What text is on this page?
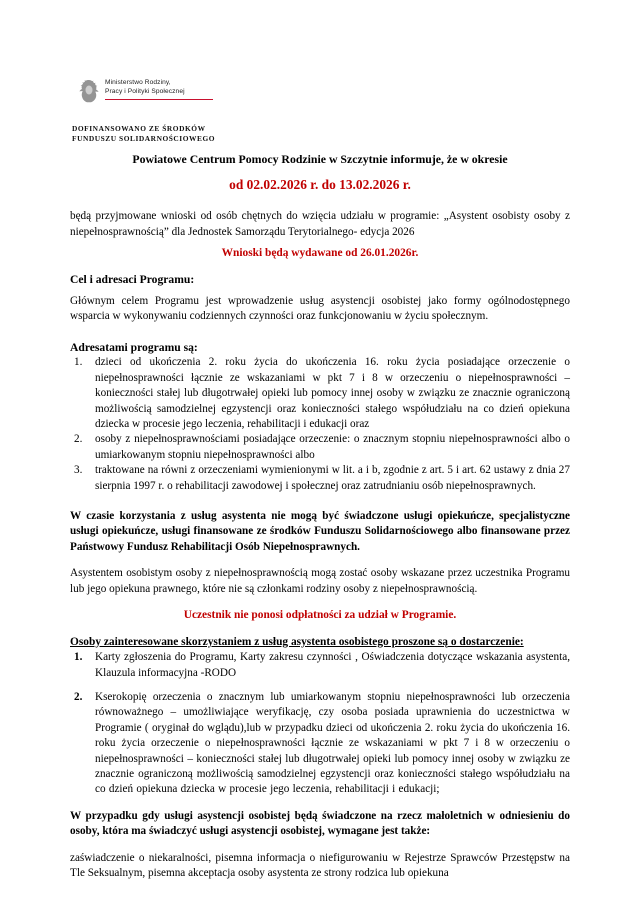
Ministerstwo Rodziny,
Pracy i Polityki Społecznej
DOFINANSOWANO ZE ŚRODKÓW
FUNDUSZU SOLIDARNOŚCIOWEGO

Powiatowe Centrum Pomocy Rodzinie w Szczytnie informuje, że w okresie

od 02.02.2026 r. do 13.02.2026 r.

będą przyjmowane wnioski od osób chętnych do wzięcia udziału w programie: „Asystent osobisty osoby z niepełnosprawnością” dla Jednostek Samorządu Terytorialnego- edycja 2026

Wnioski będą wydawane od 26.01.2026r.

Cel i adresaci Programu:

Głównym celem Programu jest wprowadzenie usług asystencji osobistej jako formy ogólnodostępnego wsparcia w wykonywaniu codziennych czynności oraz funkcjonowaniu w życiu społecznym.

Adresatami programu są:

1.	dzieci od ukończenia 2. roku życia do ukończenia 16. roku życia posiadające orzeczenie o niepełnosprawności łącznie ze wskazaniami w pkt 7 i 8 w orzeczeniu o niepełnosprawności – konieczności stałej lub długotrwałej opieki lub pomocy innej osoby w związku ze znacznie ograniczoną możliwością samodzielnej egzystencji oraz konieczności stałego współudziału na co dzień opiekuna dziecka w procesie jego leczenia, rehabilitacji i edukacji oraz
2.	osoby z niepełnosprawnościami posiadające orzeczenie: o znacznym stopniu niepełnosprawności albo o umiarkowanym stopniu niepełnosprawności albo
3.	traktowane na równi z orzeczeniami wymienionymi w lit. a i b, zgodnie z art. 5 i art. 62 ustawy z dnia 27 sierpnia 1997 r. o rehabilitacji zawodowej i społecznej oraz zatrudnianiu osób niepełnosprawnych.

W czasie korzystania z usług asystenta nie mogą być świadczone usługi opiekuńcze, specjalistyczne usługi opiekuńcze, usługi finansowane ze środków Funduszu Solidarnościowego albo finansowane przez Państwowy Fundusz Rehabilitacji Osób Niepełnosprawnych.

Asystentem osobistym osoby z niepełnosprawnością mogą zostać osoby wskazane przez uczestnika Programu lub jego opiekuna prawnego, które nie są członkami rodziny osoby z niepełnosprawnością.

Uczestnik nie ponosi odpłatności za udział w Programie.

Osoby zainteresowane skorzystaniem z usług asystenta osobistego proszone są o dostarczenie:

1.	Karty zgłoszenia do Programu, Karty zakresu czynności , Oświadczenia dotyczące wskazania asystenta, Klauzula informacyjna -RODO
2.	Kserokopię orzeczenia o znacznym lub umiarkowanym stopniu niepełnosprawności lub orzeczenia równoważnego – umożliwiające weryfikację, czy osoba posiada uprawnienia do uczestnictwa w Programie ( oryginał do wglądu),lub w przypadku dzieci od ukończenia 2. roku życia do ukończenia 16. roku życia orzeczenie o niepełnosprawności łącznie ze wskazaniami w pkt 7 i 8 w orzeczeniu o niepełnosprawności – konieczności stałej lub długotrwałej opieki lub pomocy innej osoby w związku ze znacznie ograniczoną możliwością samodzielnej egzystencji oraz konieczności stałego współudziału na co dzień opiekuna dziecka w procesie jego leczenia, rehabilitacji i edukacji;

W przypadku gdy usługi asystencji osobistej będą świadczone na rzecz małoletnich w odniesieniu do osoby, która ma świadczyć usługi asystencji osobistej, wymagane jest także:

zaświadczenie o niekaralności, pisemna informacja o niefigurowaniu w Rejestrze Sprawców Przestępstw na Tle Seksualnym, pisemna akceptacja osoby asystenta ze strony rodzica lub opiekuna
